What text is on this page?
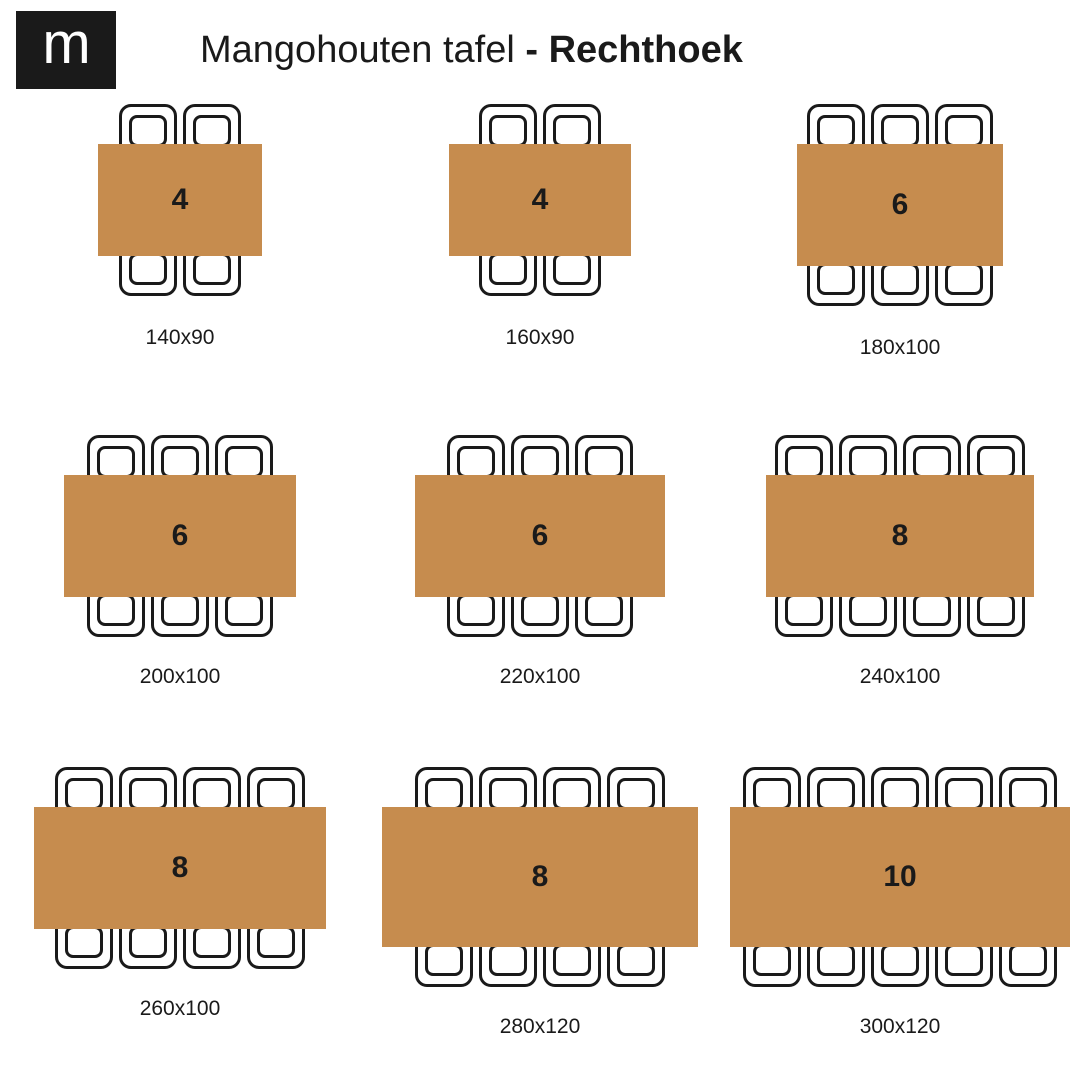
m	Mangohouten tafel - Rechthoek
4
140x90
4
160x90
6
180x100
6
200x100
6
220x100
8
240x100
8
260x100
8
280x120
10
300x120
